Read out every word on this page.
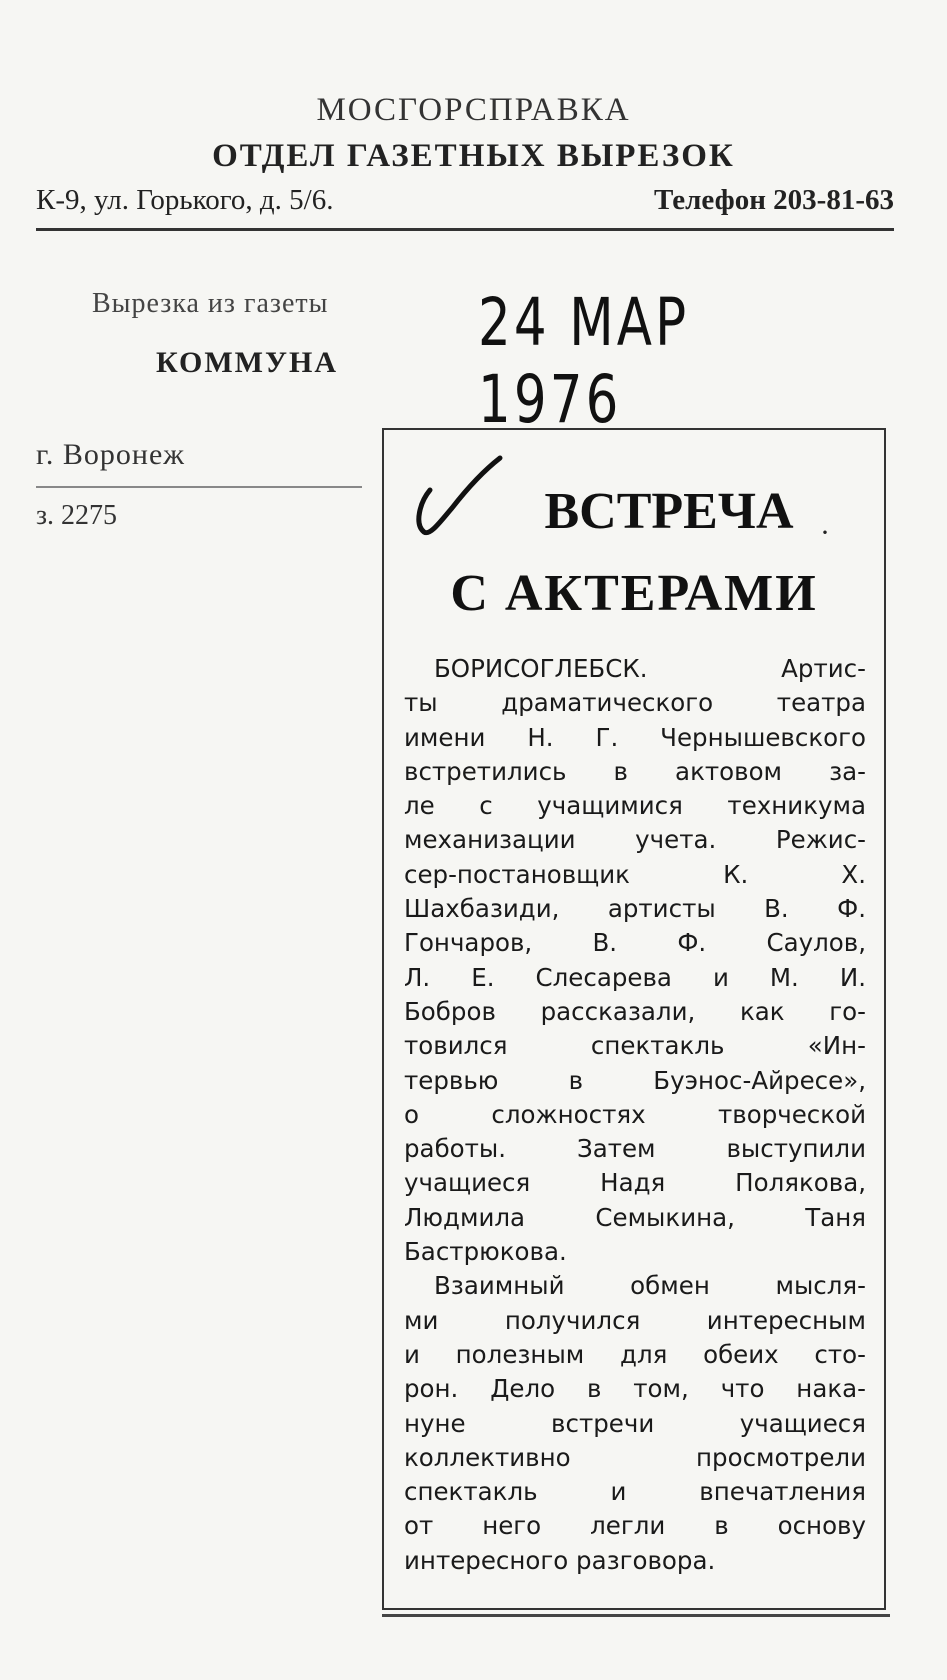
МОСГОРСПРАВКА
ОТДЕЛ ГАЗЕТНЫХ ВЫРЕЗОК
К-9, ул. Горького, д. 5/6.	Телефон 203-81-63
Вырезка из газеты
КОММУНА
24 МАР 1976
г. Воронеж
з. 2275	ВСТРЕЧА ·
С АКТЕРАМИ
БОРИСОГЛЕБСК. Артис-
ты драматического театра
имени Н. Г. Чернышевского
встретились в актовом за-
ле с учащимися техникума
механизации учета. Режис-
сер-постановщик К. Х.
Шахбазиди, артисты В. Ф.
Гончаров, В. Ф. Саулов,
Л. Е. Слесарева и М. И.
Бобров рассказали, как го-
товился спектакль «Ин-
тервью в Буэнос-Айресе»,
о сложностях творческой
работы. Затем выступили
учащиеся Надя Полякова,
Людмила Семыкина, Таня
Бастрюкова.
Взаимный обмен мысля-
ми получился интересным
и полезным для обеих сто-
рон. Дело в том, что нака-
нуне встречи учащиеся
коллективно просмотрели
спектакль и впечатления
от него легли в основу
интересного разговора.
